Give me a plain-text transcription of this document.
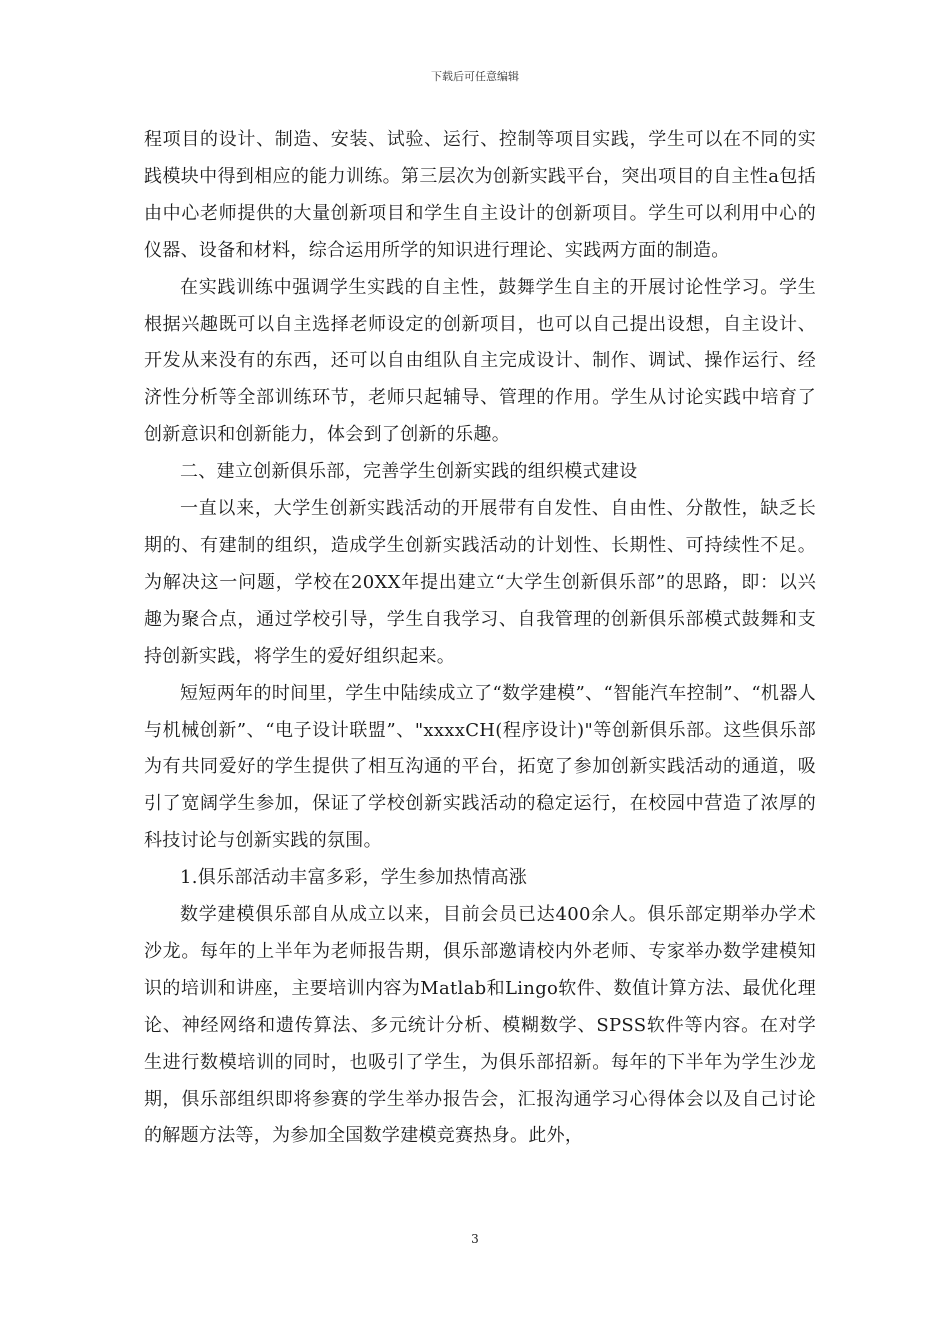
下载后可任意编辑

程项目的设计、制造、安装、试验、运行、控制等项目实践，学生可以在不同的实践模块中得到相应的能力训练。第三层次为创新实践平台，突出项目的自主性a包括由中心老师提供的大量创新项目和学生自主设计的创新项目。学生可以利用中心的仪器、设备和材料，综合运用所学的知识进行理论、实践两方面的制造。

在实践训练中强调学生实践的自主性，鼓舞学生自主的开展讨论性学习。学生根据兴趣既可以自主选择老师设定的创新项目，也可以自己提出设想，自主设计、开发从来没有的东西，还可以自由组队自主完成设计、制作、调试、操作运行、经济性分析等全部训练环节，老师只起辅导、管理的作用。学生从讨论实践中培育了创新意识和创新能力，体会到了创新的乐趣。

二、建立创新俱乐部，完善学生创新实践的组织模式建设

一直以来，大学生创新实践活动的开展带有自发性、自由性、分散性，缺乏长期的、有建制的组织，造成学生创新实践活动的计划性、长期性、可持续性不足。为解决这一问题，学校在20XX年提出建立“大学生创新俱乐部”的思路，即：以兴趣为聚合点，通过学校引导，学生自我学习、自我管理的创新俱乐部模式鼓舞和支持创新实践，将学生的爱好组织起来。

短短两年的时间里，学生中陆续成立了“数学建模”、“智能汽车控制”、“机器人与机械创新”、“电子设计联盟”、"xxxxCH(程序设计)"等创新俱乐部。这些俱乐部为有共同爱好的学生提供了相互沟通的平台，拓宽了参加创新实践活动的通道，吸引了宽阔学生参加，保证了学校创新实践活动的稳定运行，在校园中营造了浓厚的科技讨论与创新实践的氛围。

1.俱乐部活动丰富多彩，学生参加热情高涨

数学建模俱乐部自从成立以来，目前会员已达400余人。俱乐部定期举办学术沙龙。每年的上半年为老师报告期，俱乐部邀请校内外老师、专家举办数学建模知识的培训和讲座，主要培训内容为Matlab和Lingo软件、数值计算方法、最优化理论、神经网络和遗传算法、多元统计分析、模糊数学、SPSS软件等内容。在对学生进行数模培训的同时，也吸引了学生，为俱乐部招新。每年的下半年为学生沙龙期，俱乐部组织即将参赛的学生举办报告会，汇报沟通学习心得体会以及自己讨论的解题方法等，为参加全国数学建模竞赛热身。此外，

3
